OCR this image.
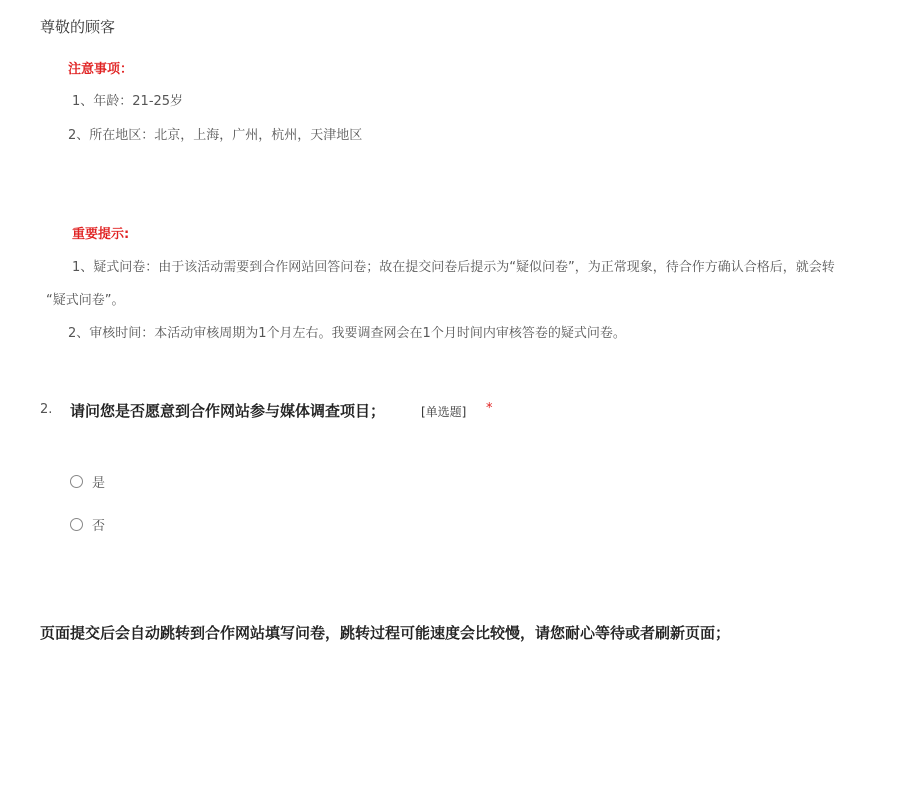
尊敬的顾客
注意事项：
1、年龄：21-25岁
2、所在地区：北京，上海，广州，杭州，天津地区
重要提示:
1、疑式问卷：由于该活动需要到合作网站回答问卷；故在提交问卷后提示为“疑似问卷”，为正常现象，待合作方确认合格后，就会转
“疑式问卷”。
2、审核时间：本活动审核周期为1个月左右。我要调查网会在1个月时间内审核答卷的疑式问卷。
2. 请问您是否愿意到合作网站参与媒体调查项目；	[单选题] *
是
否
页面提交后会自动跳转到合作网站填写问卷，跳转过程可能速度会比较慢，请您耐心等待或者刷新页面；
